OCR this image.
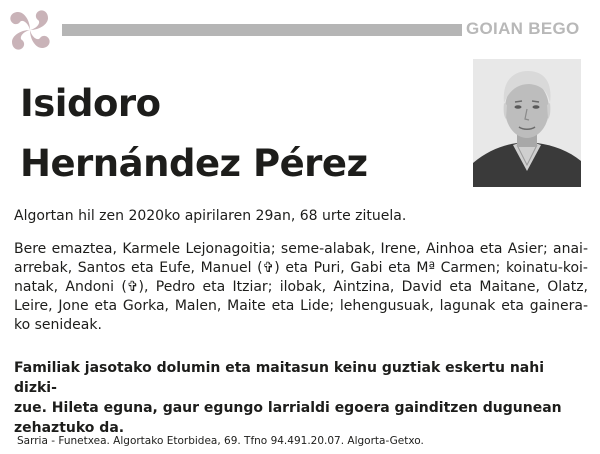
GOIAN BEGO
Isidoro
Hernández Pérez
Algortan hil zen 2020ko apirilaren 29an, 68 urte zituela.
Bere emaztea, Karmele Lejonagoitia; seme-alabak, Irene, Ainhoa eta Asier; anai-
arrebak, Santos eta Eufe, Manuel (✞) eta Puri, Gabi eta Mª Carmen; koinatu-koi-
natak, Andoni (✞), Pedro eta Itziar; ilobak, Aintzina, David eta Maitane, Olatz,
Leire, Jone eta Gorka, Malen, Maite eta Lide; lehengusuak, lagunak eta gainera-
ko senideak.
Familiak jasotako dolumin eta maitasun keinu guztiak eskertu nahi dizki-
zue. Hileta eguna, gaur egungo larrialdi egoera gainditzen dugunean
zehaztuko da.
Sarria - Funetxea. Algortako Etorbidea, 69. Tfno 94.491.20.07. Algorta-Getxo.
